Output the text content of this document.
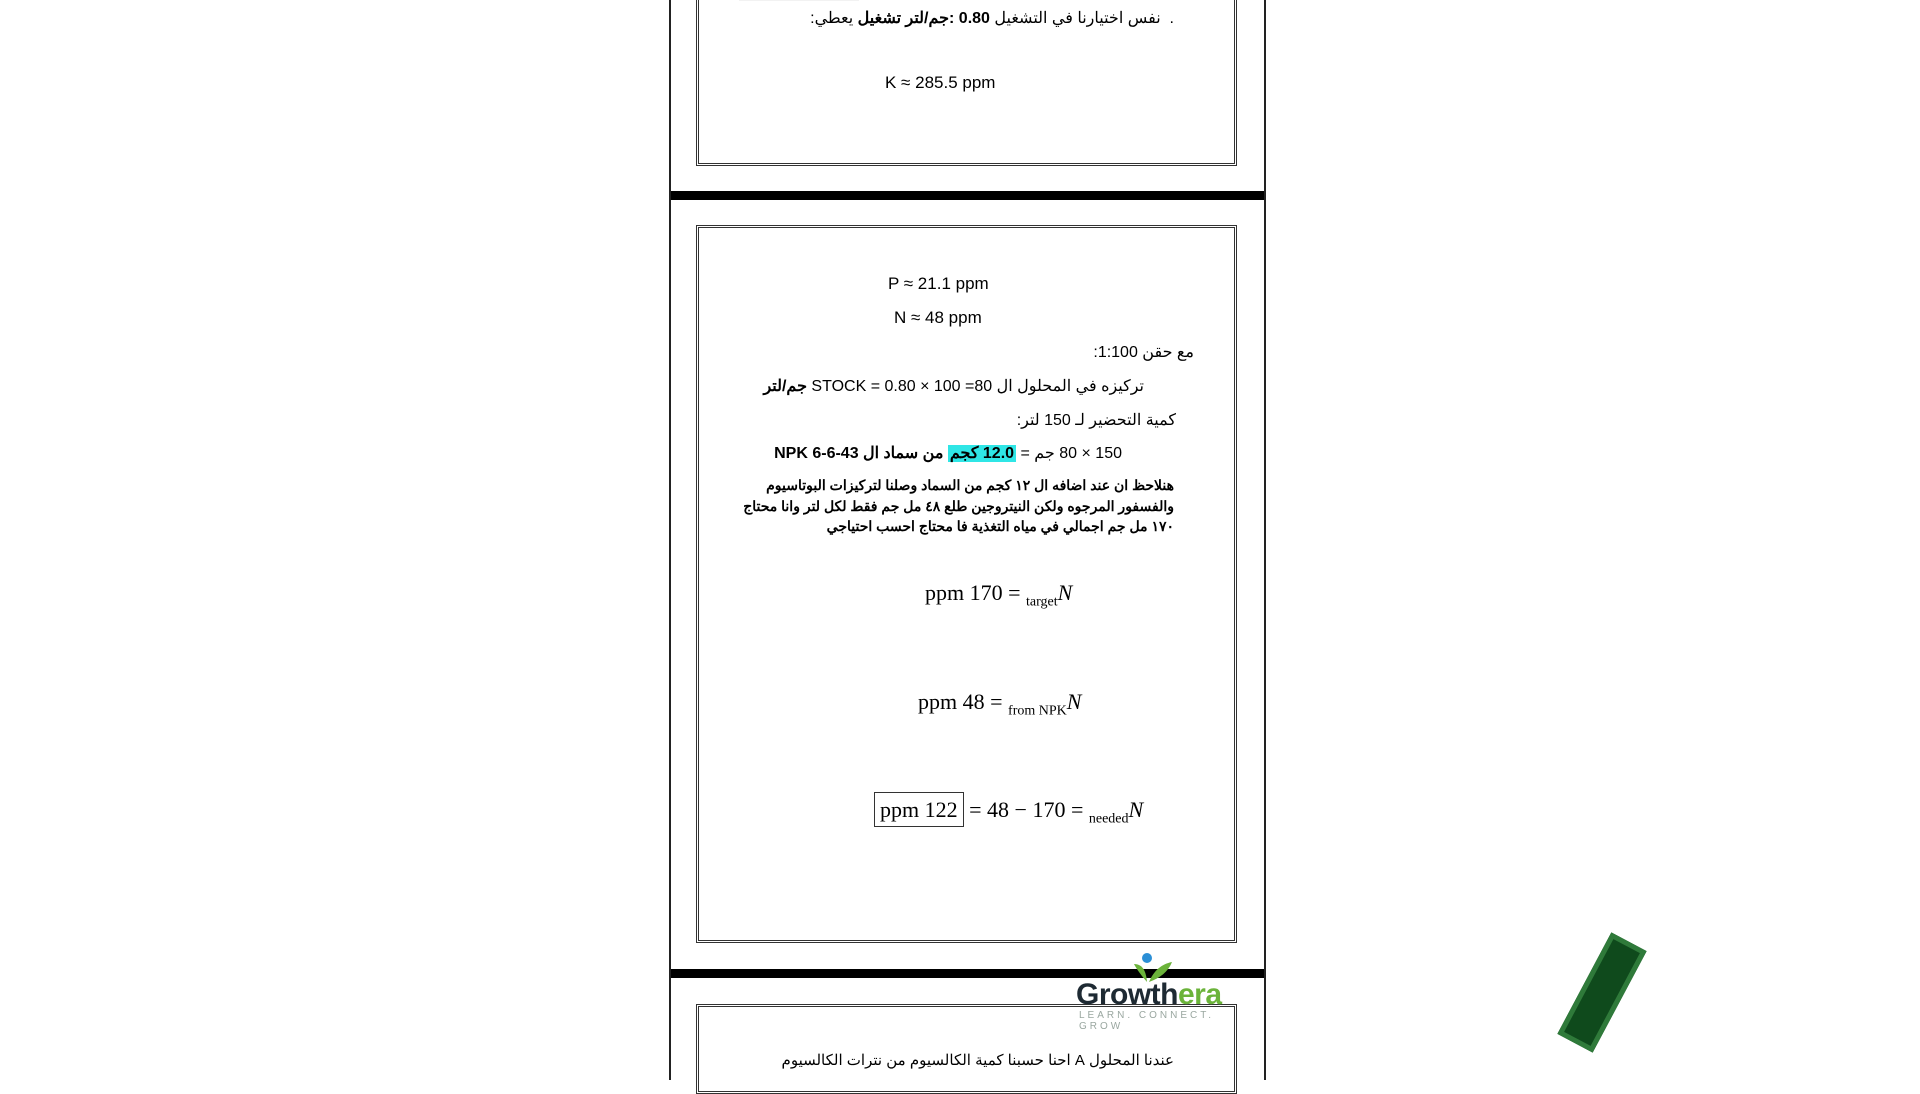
.  نفس اختيارنا في التشغيل 0.80 :جم/لتر تشغيل يعطي:
K ≈ 285.5 ppm
P ≈ 21.1 ppm
N ≈ 48 ppm
مع حقن 1:100:
تركيزه في المحلول ال STOCK = 0.80 × 100 =80 جم/لتر
كمية التحضير لـ 150 لتر:
150 × 80 جم = 12.0 كجم من سماد ال NPK 6-6-43
هنلاحظ ان عند اضافه ال ١٢ كجم من السماد وصلنا لتركيزات البوتاسيوم
والفسفور المرجوه ولكن النيتروجين طلع ٤٨ مل جم فقط لكل لتر وانا محتاج
١٧٠ مل جم اجمالي في مياه التغذية فا محتاج احسب احتياجي
ppm 170 = $_{target}$N
ppm 48 = $_{from NPK}$N
ppm 122 = 48 − 170 = $_{needed}$N
عندنا المحلول A احنا حسبنا كمية الكالسيوم من نترات الكالسيوم
Growthera
LEARN. CONNECT. GROW
